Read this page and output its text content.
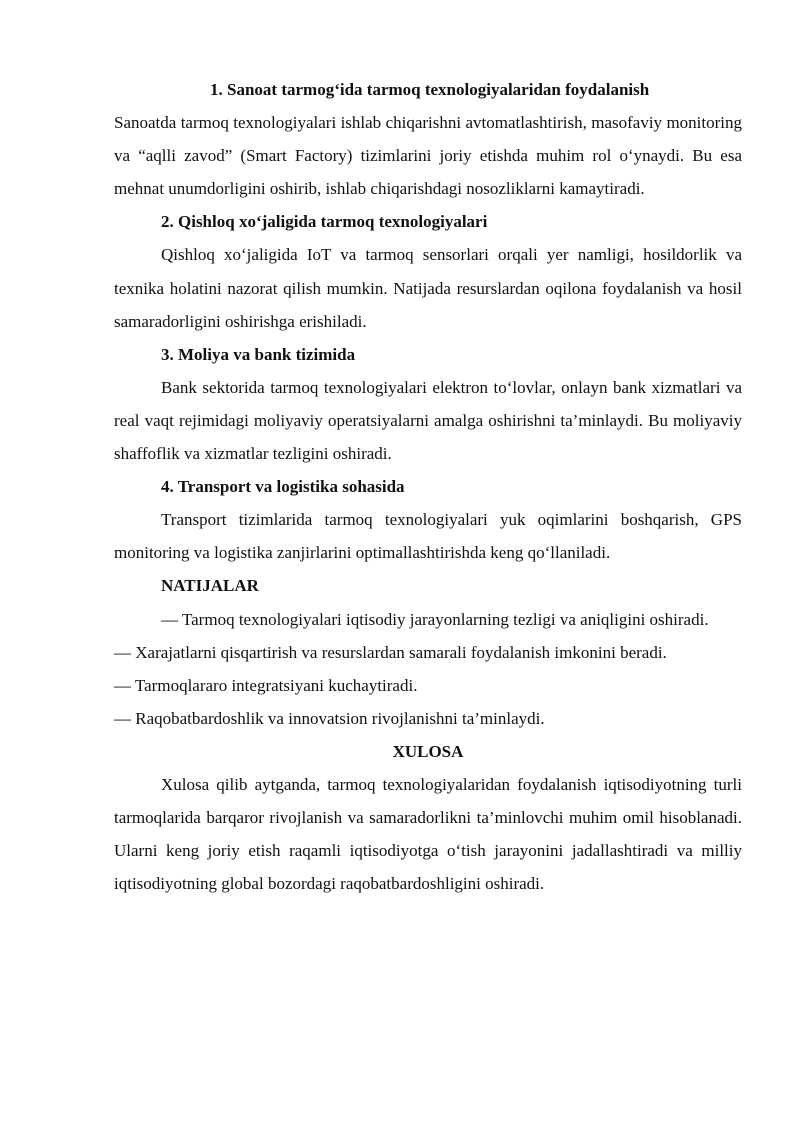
1. Sanoat tarmog‘ida tarmoq texnologiyalaridan foydalanish

Sanoatda tarmoq texnologiyalari ishlab chiqarishni avtomatlashtirish, masofaviy monitoring va “aqlli zavod” (Smart Factory) tizimlarini joriy etishda muhim rol o‘ynaydi. Bu esa mehnat unumdorligini oshirib, ishlab chiqarishdagi nosozliklarni kamaytiradi.

2. Qishloq xo‘jaligida tarmoq texnologiyalari

Qishloq xo‘jaligida IoT va tarmoq sensorlari orqali yer namligi, hosildorlik va texnika holatini nazorat qilish mumkin. Natijada resurslardan oqilona foydalanish va hosil samaradorligini oshirishga erishiladi.

3. Moliya va bank tizimida

Bank sektorida tarmoq texnologiyalari elektron to‘lovlar, onlayn bank xizmatlari va real vaqt rejimidagi moliyaviy operatsiyalarni amalga oshirishni ta’minlaydi. Bu moliyaviy shaffoflik va xizmatlar tezligini oshiradi.

4. Transport va logistika sohasida

Transport tizimlarida tarmoq texnologiyalari yuk oqimlarini boshqarish, GPS monitoring va logistika zanjirlarini optimallashtirishda keng qo‘llaniladi.

NATIJALAR

— Tarmoq texnologiyalari iqtisodiy jarayonlarning tezligi va aniqligini oshiradi.

— Xarajatlarni qisqartirish va resurslardan samarali foydalanish imkonini beradi.

— Tarmoqlararo integratsiyani kuchaytiradi.

— Raqobatbardoshlik va innovatsion rivojlanishni ta’minlaydi.

XULOSA

Xulosa qilib aytganda, tarmoq texnologiyalaridan foydalanish iqtisodiyotning turli tarmoqlarida barqaror rivojlanish va samaradorlikni ta’minlovchi muhim omil hisoblanadi. Ularni keng joriy etish raqamli iqtisodiyotga o‘tish jarayonini jadallashtiradi va milliy iqtisodiyotning global bozordagi raqobatbardoshligini oshiradi.
